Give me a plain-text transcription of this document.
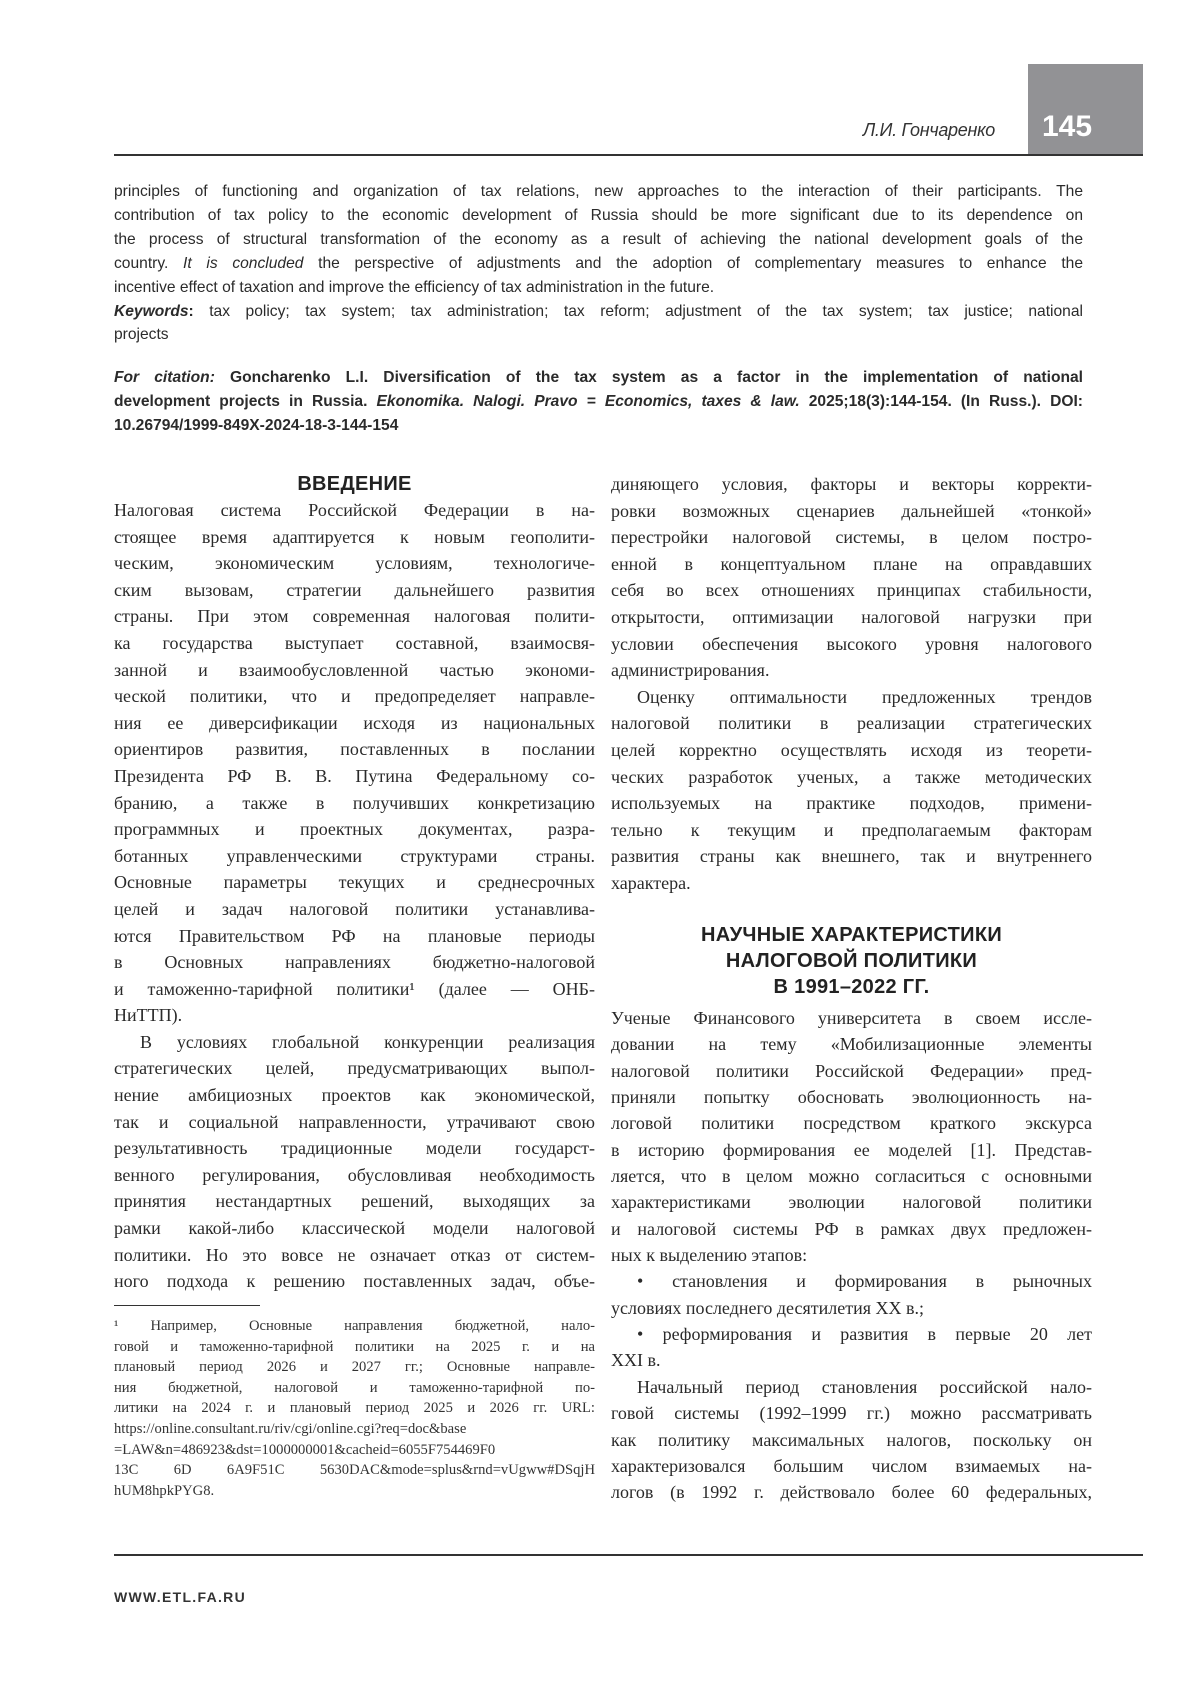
Л.И. Гончаренко 145
principles of functioning and organization of tax relations, new approaches to the interaction of their participants. The
contribution of tax policy to the economic development of Russia should be more significant due to its dependence on
the process of structural transformation of the economy as a result of achieving the national development goals of the
country. It is concluded the perspective of adjustments and the adoption of complementary measures to enhance the
incentive effect of taxation and improve the efficiency of tax administration in the future.
Keywords: tax policy; tax system; tax administration; tax reform; adjustment of the tax system; tax justice; national
projects
For citation: Goncharenko L.I. Diversification of the tax system as a factor in the implementation of national
development projects in Russia. Ekonomika. Nalogi. Pravo = Economics, taxes & law. 2025;18(3):144-154. (In Russ.). DOI:
10.26794/1999-849X-2024-18-3-144-154
ВВЕДЕНИЕ
Налоговая система Российской Федерации в на-
стоящее время адаптируется к новым геополити-
ческим, экономическим условиям, технологиче-
ским вызовам, стратегии дальнейшего развития
страны. При этом современная налоговая полити-
ка государства выступает составной, взаимосвя-
занной и взаимообусловленной частью экономи-
ческой политики, что и предопределяет направле-
ния ее диверсификации исходя из национальных
ориентиров развития, поставленных в послании
Президента РФ В. В. Путина Федеральному со-
бранию, а также в получивших конкретизацию
программных и проектных документах, разра-
ботанных управленческими структурами страны.
Основные параметры текущих и среднесрочных
целей и задач налоговой политики устанавлива-
ются Правительством РФ на плановые периоды
в Основных направлениях бюджетно-налоговой
и таможенно-тарифной политики¹ (далее — ОНБ-
НиТТП).
В условиях глобальной конкуренции реализация
стратегических целей, предусматривающих выпол-
нение амбициозных проектов как экономической,
так и социальной направленности, утрачивают свою
результативность традиционные модели государст-
венного регулирования, обусловливая необходимость
принятия нестандартных решений, выходящих за
рамки какой-либо классической модели налоговой
политики. Но это вовсе не означает отказ от систем-
ного подхода к решению поставленных задач, объе-
диняющего условия, факторы и векторы корректи-
ровки возможных сценариев дальнейшей «тонкой»
перестройки налоговой системы, в целом постро-
енной в концептуальном плане на оправдавших
себя во всех отношениях принципах стабильности,
открытости, оптимизации налоговой нагрузки при
условии обеспечения высокого уровня налогового
администрирования.
Оценку оптимальности предложенных трендов
налоговой политики в реализации стратегических
целей корректно осуществлять исходя из теорети-
ческих разработок ученых, а также методических
используемых на практике подходов, примени-
тельно к текущим и предполагаемым факторам
развития страны как внешнего, так и внутреннего
характера.
НАУЧНЫЕ ХАРАКТЕРИСТИКИ
НАЛОГОВОЙ ПОЛИТИКИ
В 1991–2022 ГГ.
Ученые Финансового университета в своем иссле-
довании на тему «Мобилизационные элементы
налоговой политики Российской Федерации» пред-
приняли попытку обосновать эволюционность на-
логовой политики посредством краткого экскурса
в историю формирования ее моделей [1]. Представ-
ляется, что в целом можно согласиться с основными
характеристиками эволюции налоговой политики
и налоговой системы РФ в рамках двух предложен-
ных к выделению этапов:
• становления и формирования в рыночных
условиях последнего десятилетия XX в.;
• реформирования и развития в первые 20 лет
XXI в.
Начальный период становления российской нало-
говой системы (1992–1999 гг.) можно рассматривать
как политику максимальных налогов, поскольку он
характеризовался большим числом взимаемых на-
логов (в 1992 г. действовало более 60 федеральных,
¹ Например, Основные направления бюджетной, нало-
говой и таможенно-тарифной политики на 2025 г. и на
плановый период 2026 и 2027 гг.; Основные направле-
ния бюджетной, налоговой и таможенно-тарифной по-
литики на 2024 г. и плановый период 2025 и 2026 гг. URL:
https://online.consultant.ru/riv/cgi/online.cgi?req=doc&base
=LAW&n=486923&dst=1000000001&cacheid=6055F754469F0
13C 6D 6A9F51C 5630DAC&mode=splus&rnd=vUgww#DSqjH
hUM8hpkPYG8.
WWW.ETL.FA.RU
